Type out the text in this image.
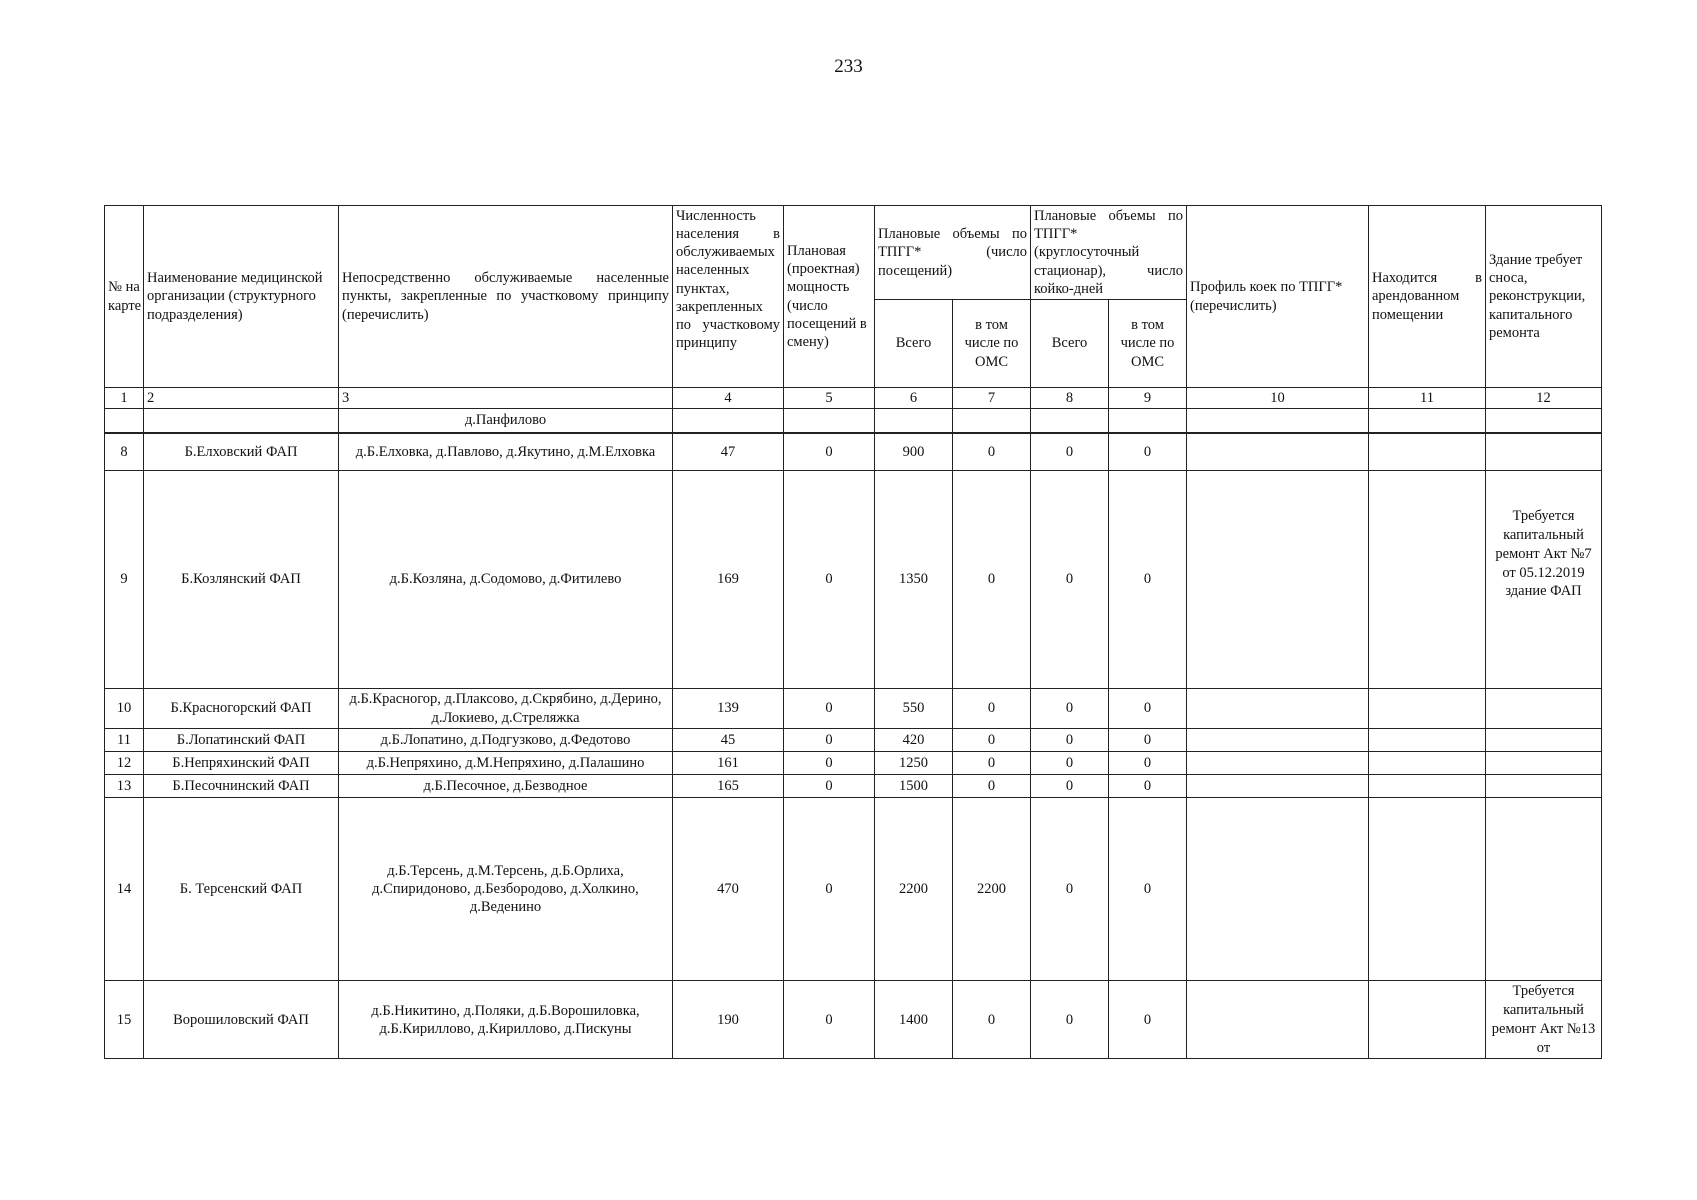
233
№ на карте	Наименование медицинской организации (структурного подразделения)	Непосредственно обслуживаемые населенные пункты, закрепленные по участковому принципу (перечислить)	Численность населения в обслуживаемых населенных пунктах, закрепленных по участковому принципу	Плановая (проектная) мощность (число посещений в смену)	Плановые объемы по ТПГГ* (число посещений)		Плановые объемы по ТПГГ* (круглосуточный стационар), число койко-дней		Профиль коек по ТПГГ* (перечислить)	Находится в арендованном помещении	Здание требует сноса, реконструкции, капитального ремонта
					Всего	в том числе по ОМС	Всего	в том числе по ОМС			
1	2	3	4	5	6	7	8	9	10	11	12
		д.Панфилово									
8	Б.Елховский ФАП	д.Б.Елховка, д.Павлово, д.Якутино, д.М.Елховка	47	0	900	0	0	0			
9	Б.Козлянский ФАП	д.Б.Козляна, д.Содомово, д.Фитилево	169	0	1350	0	0	0			Требуется капитальный ремонт Акт №7 от 05.12.2019 здание ФАП
10	Б.Красногорский ФАП	д.Б.Красногор, д.Плаксово, д.Скрябино, д.Дерино, д.Локиево, д.Стреляжка	139	0	550	0	0	0			
11	Б.Лопатинский ФАП	д.Б.Лопатино, д.Подгузково, д.Федотово	45	0	420	0	0	0			
12	Б.Непряхинский ФАП	д.Б.Непряхино, д.М.Непряхино, д.Палашино	161	0	1250	0	0	0			
13	Б.Песочнинский ФАП	д.Б.Песочное, д.Безводное	165	0	1500	0	0	0			
14	Б. Терсенский ФАП	д.Б.Терсень, д.М.Терсень, д.Б.Орлиха, д.Спиридоново, д.Безбородово, д.Холкино, д.Веденино	470	0	2200	2200	0	0			
15	Ворошиловский ФАП	д.Б.Никитино, д.Поляки, д.Б.Ворошиловка, д.Б.Кириллово, д.Кириллово, д.Пискуны	190	0	1400	0	0	0			Требуется капитальный ремонт Акт №13 от
